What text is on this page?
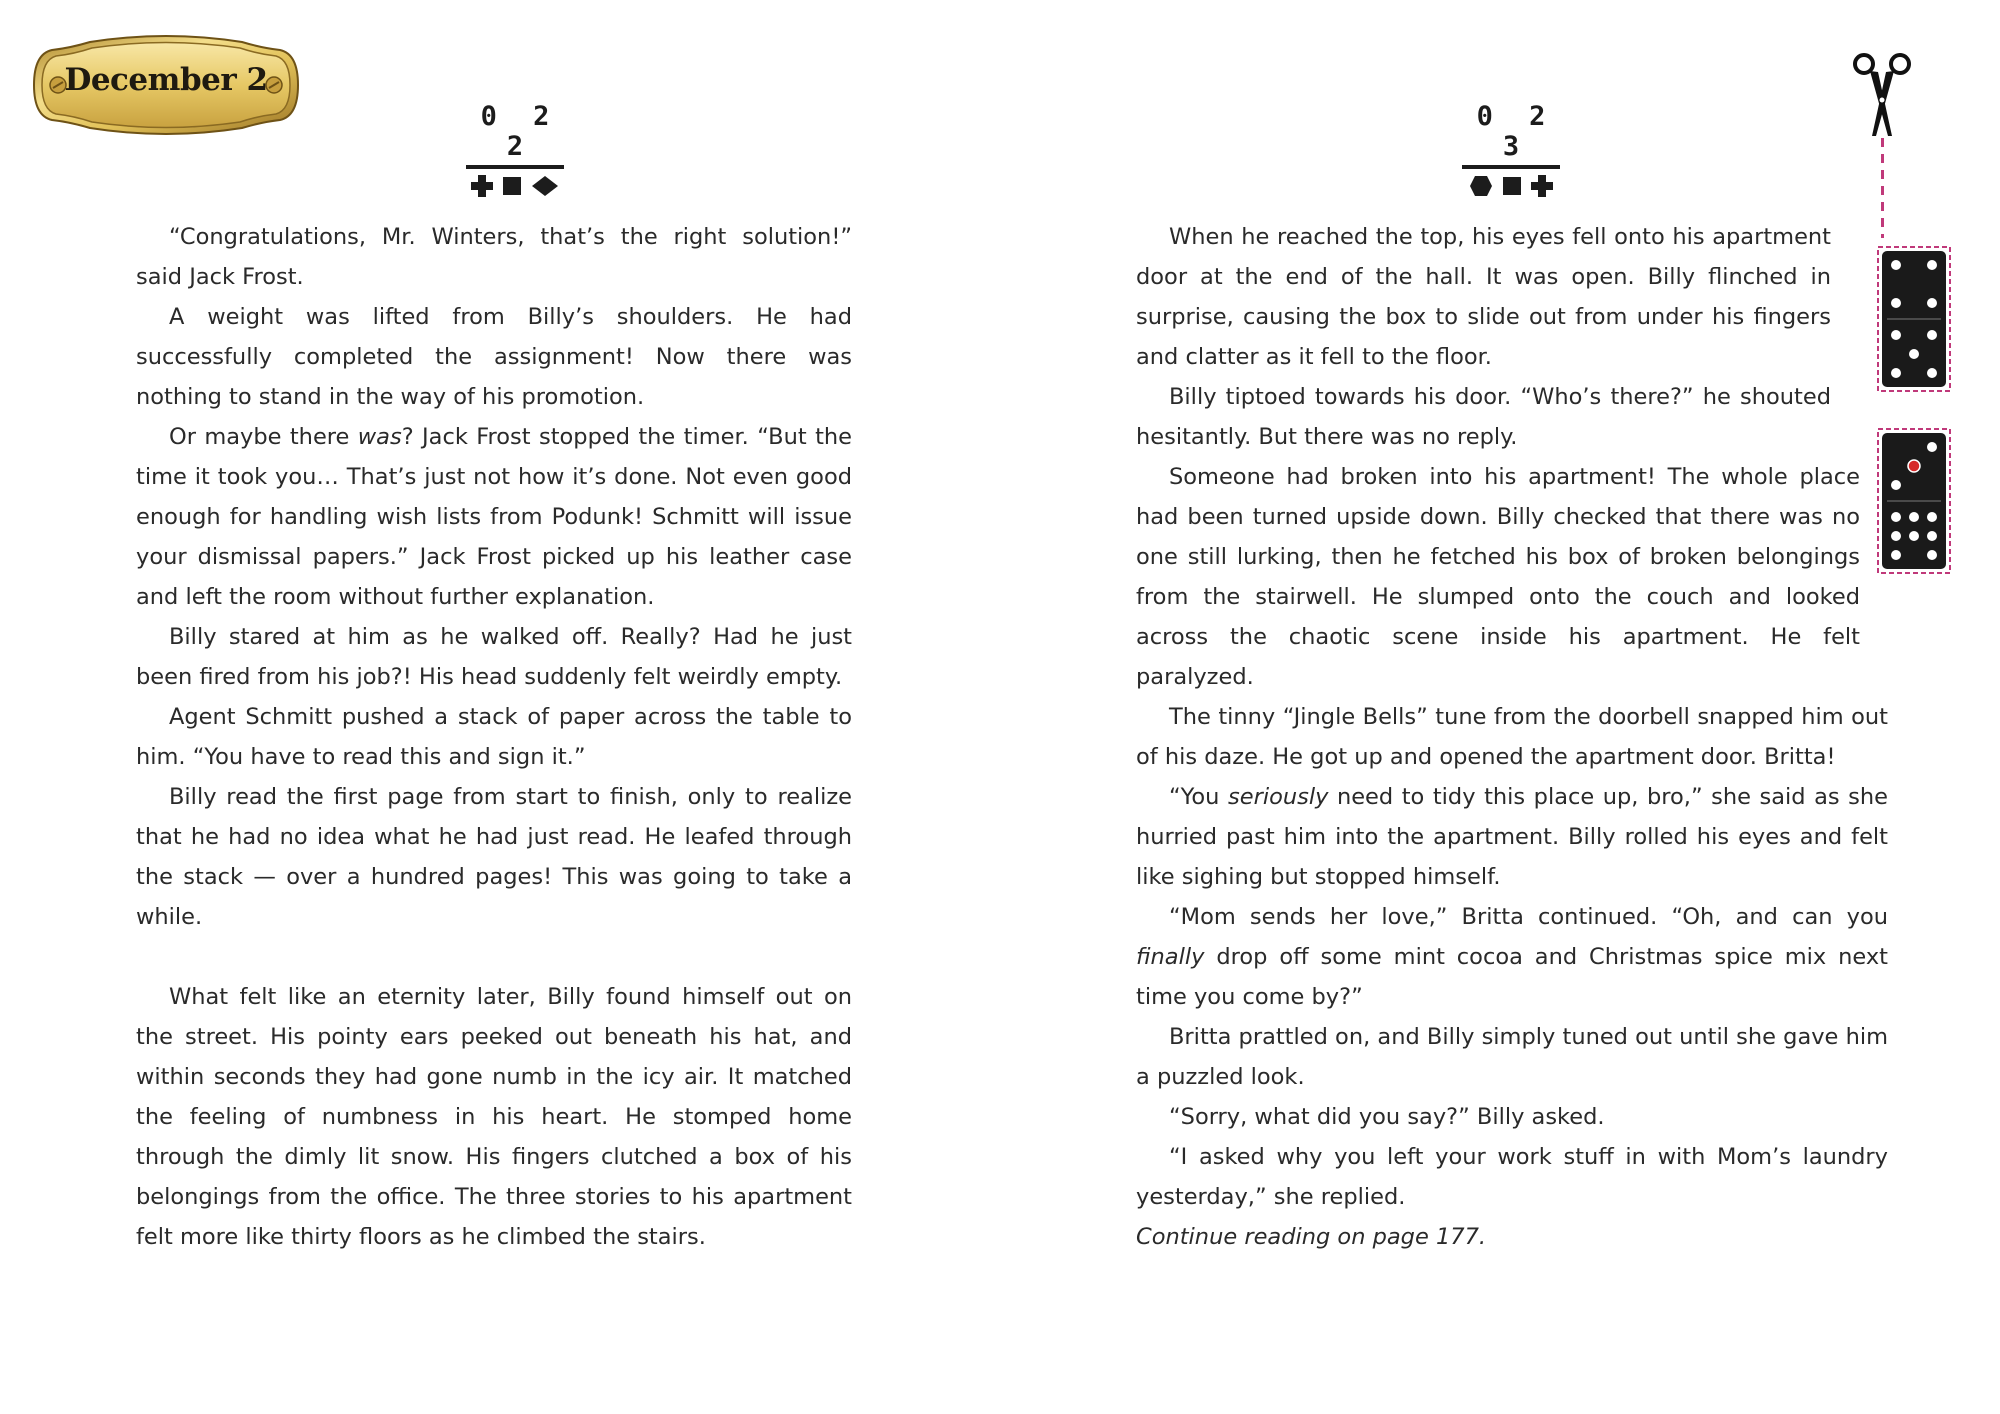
December 2
0 2 2
0 2 3

“Congratulations, Mr. Winters, that’s the right solution!” said Jack Frost.

A weight was lifted from Billy’s shoulders. He had successfully completed the assignment! Now there was nothing to stand in the way of his promotion.

Or maybe there was? Jack Frost stopped the timer. “But the time it took you… That’s just not how it’s done. Not even good enough for handling wish lists from Podunk! Schmitt will issue your dismissal papers.” Jack Frost picked up his leather case and left the room without further explanation.

Billy stared at him as he walked off. Really? Had he just been fired from his job?! His head suddenly felt weirdly empty.

Agent Schmitt pushed a stack of paper across the table to him. “You have to read this and sign it.”

Billy read the first page from start to finish, only to realize that he had no idea what he had just read. He leafed through the stack — over a hundred pages! This was going to take a while.

What felt like an eternity later, Billy found himself out on the street. His pointy ears peeked out beneath his hat, and within seconds they had gone numb in the icy air. It matched the feeling of numbness in his heart. He stomped home through the dimly lit snow. His fingers clutched a box of his belongings from the office. The three stories to his apartment felt more like thirty floors as he climbed the stairs.

When he reached the top, his eyes fell onto his apartment door at the end of the hall. It was open. Billy flinched in surprise, causing the box to slide out from under his fingers and clatter as it fell to the floor.

Billy tiptoed towards his door. “Who’s there?” he shouted hesitantly. But there was no reply.

Someone had broken into his apartment! The whole place had been turned upside down. Billy checked that there was no one still lurking, then he fetched his box of broken belongings from the stairwell. He slumped onto the couch and looked across the chaotic scene inside his apartment. He felt paralyzed.

The tinny “Jingle Bells” tune from the doorbell snapped him out of his daze. He got up and opened the apartment door. Britta!

“You seriously need to tidy this place up, bro,” she said as she hurried past him into the apartment. Billy rolled his eyes and felt like sighing but stopped himself.

“Mom sends her love,” Britta continued. “Oh, and can you finally drop off some mint cocoa and Christmas spice mix next time you come by?”

Britta prattled on, and Billy simply tuned out until she gave him a puzzled look.

“Sorry, what did you say?” Billy asked.

“I asked why you left your work stuff in with Mom’s laundry yesterday,” she replied.

Continue reading on page 177.
